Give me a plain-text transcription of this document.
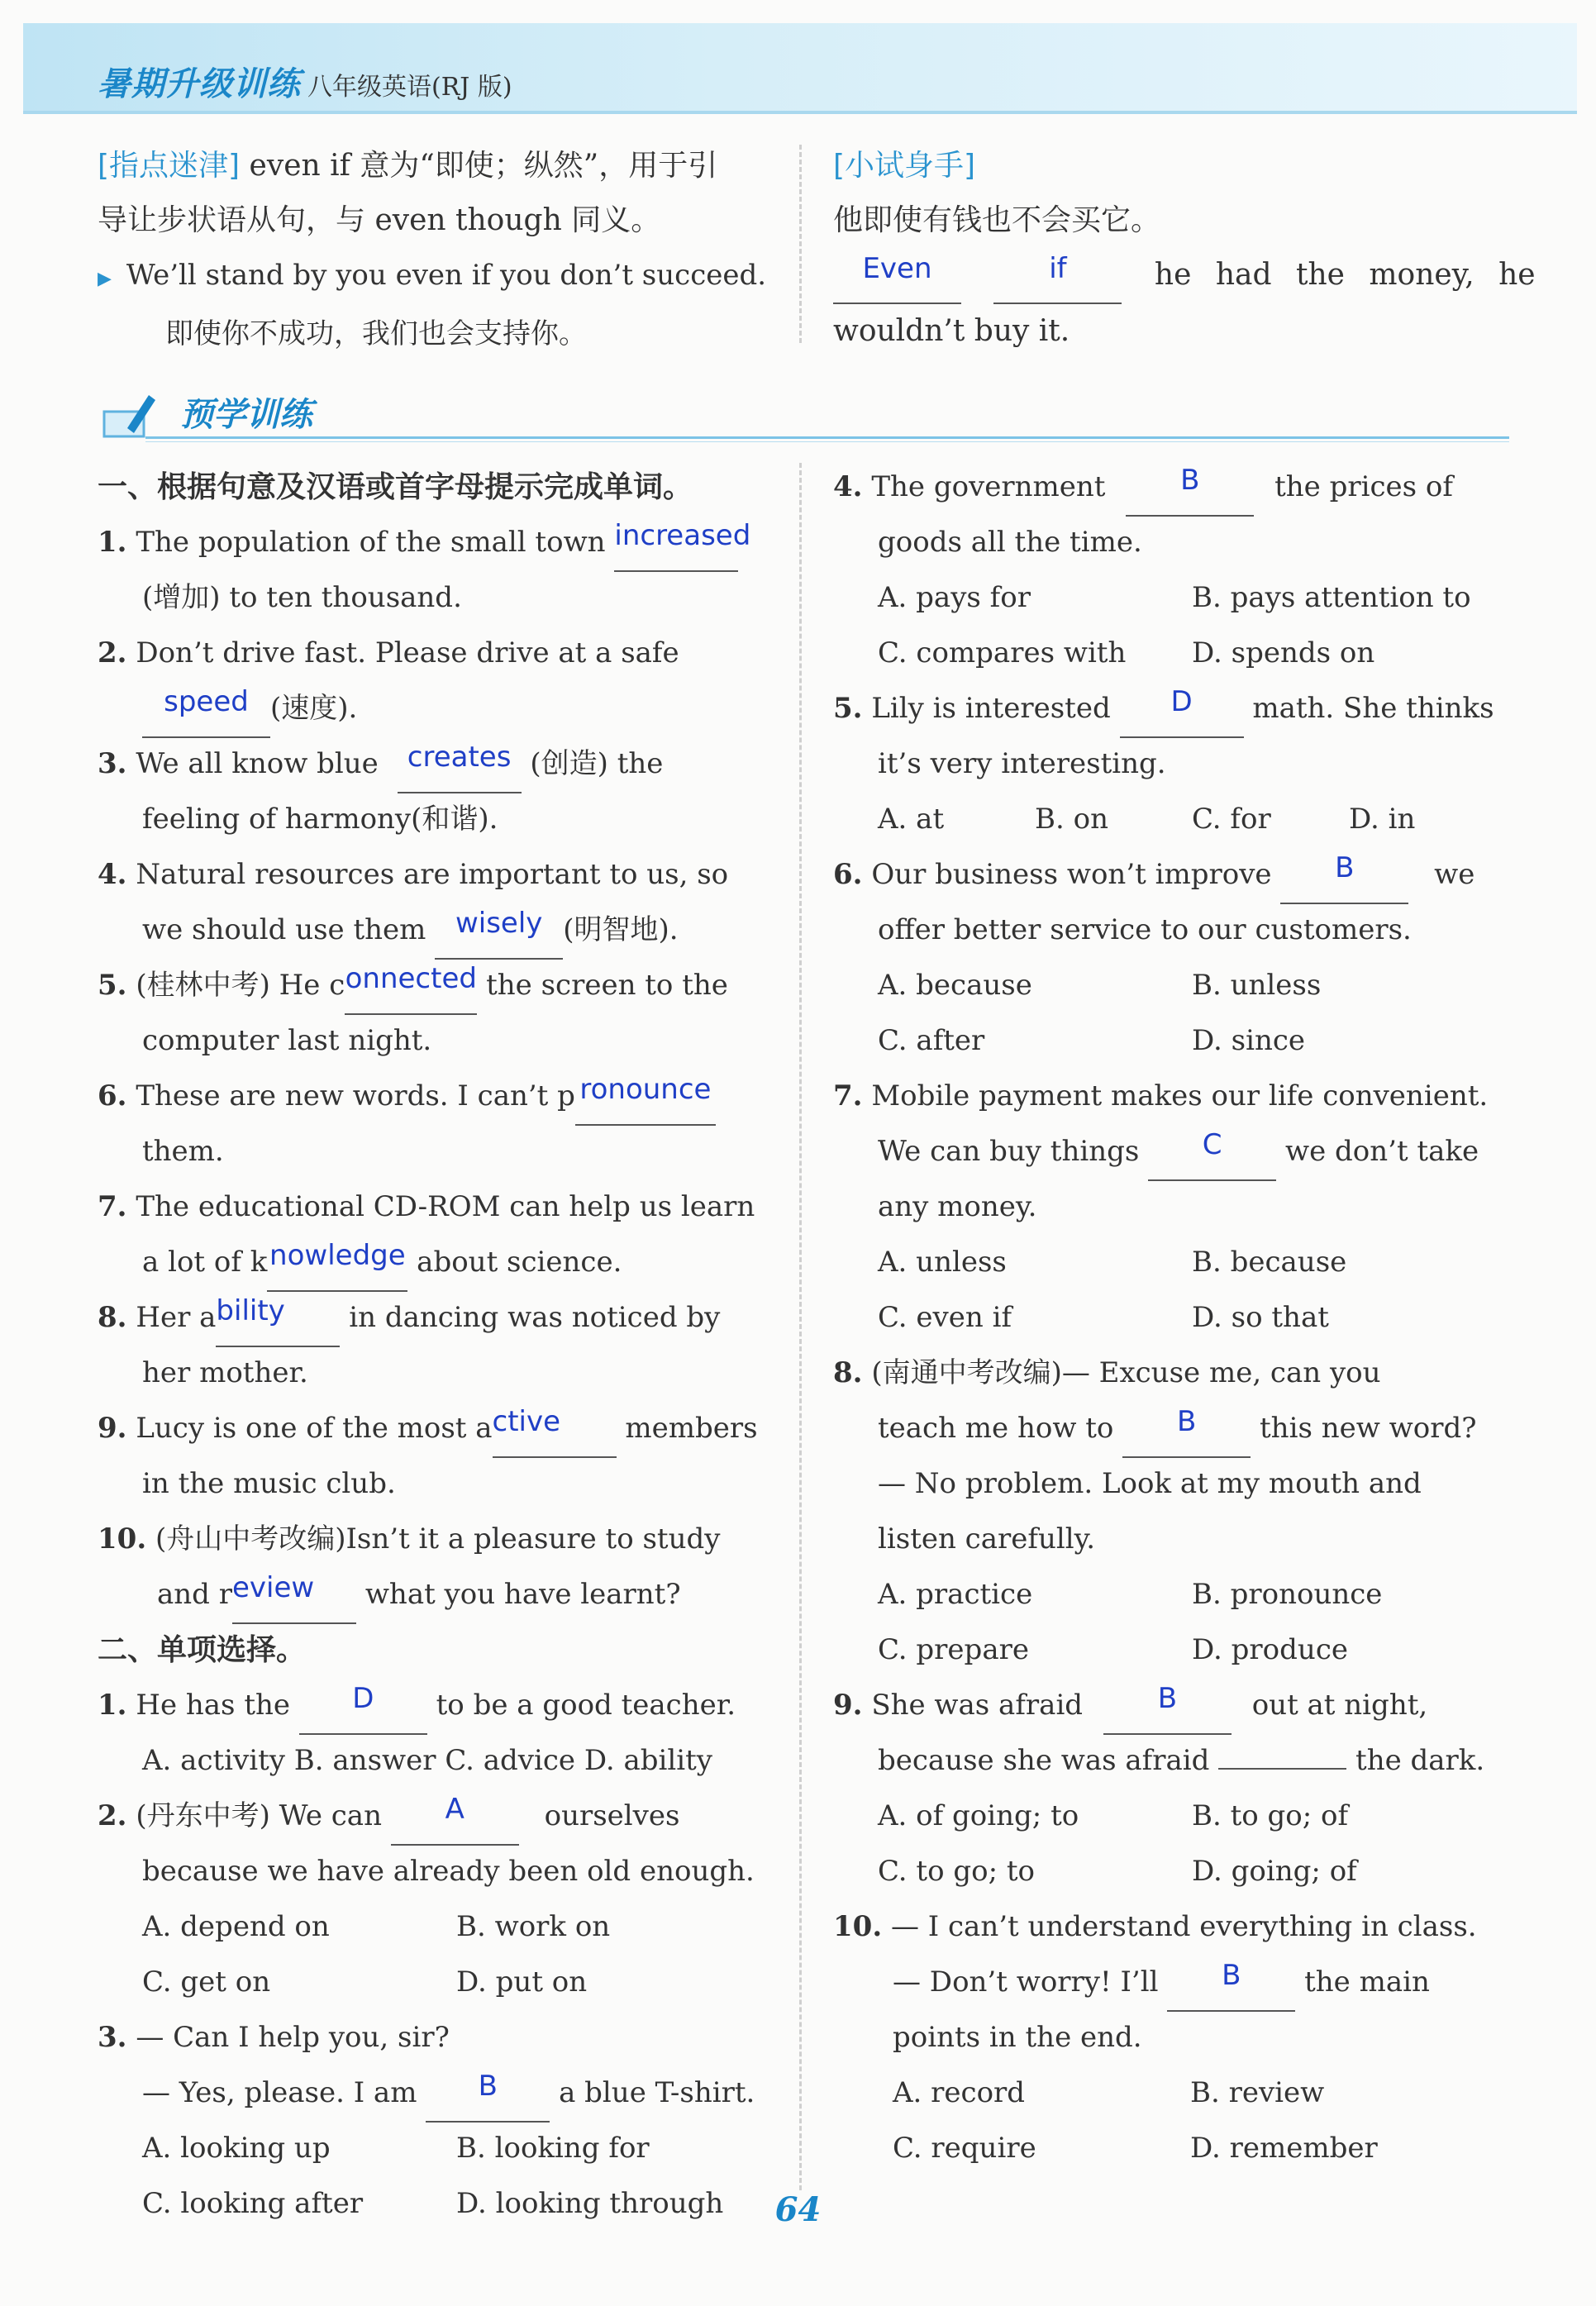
暑期升级训练 八年级英语(RJ 版)
[指点迷津] even if 意为“即使；纵然”，用于引
导让步状语从句，与 even though 同义。
▶ We’ll stand by you even if you don’t succeed.
即使你不成功，我们也会支持你。
[小试身手]
他即使有钱也不会买它。
Even	if	he had the money, he
wouldn’t buy it.
预学训练
一、根据句意及汉语或首字母提示完成单词。
1. The population of the small town increased
(增加) to ten thousand.
2. Don’t drive fast. Please drive at a safe
speed (速度).
3. We all know blue creates (创造) the
feeling of harmony(和谐).
4. Natural resources are important to us, so
we should use them wisely (明智地).
5. (桂林中考) He connected the screen to the
computer last night.
6. These are new words. I can’t p ronounce
them.
7. The educational CD-ROM can help us learn
a lot of knowledge about science.
8. Her ability in dancing was noticed by
her mother.
9. Lucy is one of the most active members
in the music club.
10. (舟山中考改编)Isn’t it a pleasure to study
and review what you have learnt?
二、单项选择。
1. He has the D to be a good teacher.
A. activity B. answer C. advice D. ability
2. (丹东中考) We can A	ourselves
because we have already been old enough.
A. depend on	B. work on
C. get on	D. put on
3. — Can I help you, sir?
— Yes, please. I am B a blue T-shirt.
A. looking up	B. looking for
C. looking after	D. looking through
4. The government	B	the prices of
goods all the time.
A. pays for	B. pays attention to
C. compares with D. spends on
5. Lily is interested D math. She thinks
it’s very interesting.
A. at	B. on	C. for	D. in
6. Our business won’t improve B	we
offer better service to our customers.
A. because	B. unless
C. after	D. since
7. Mobile payment makes our life convenient.
We can buy things C we don’t take
any money.
A. unless	B. because
C. even if	D. so that
8. (南通中考改编)— Excuse me, can you
teach me how to B this new word?
— No problem. Look at my mouth and
listen carefully.
A. practice	B. pronounce
C. prepare	D. produce
9. She was afraid	B	out at night,
because she was afraid	the dark.
A. of going; to	B. to go; of
C. to go; to	D. going; of
10. — I can’t understand everything in class.
— Don’t worry! I’ll B the main
points in the end.
A. record	B. review
C. require	D. remember
64
